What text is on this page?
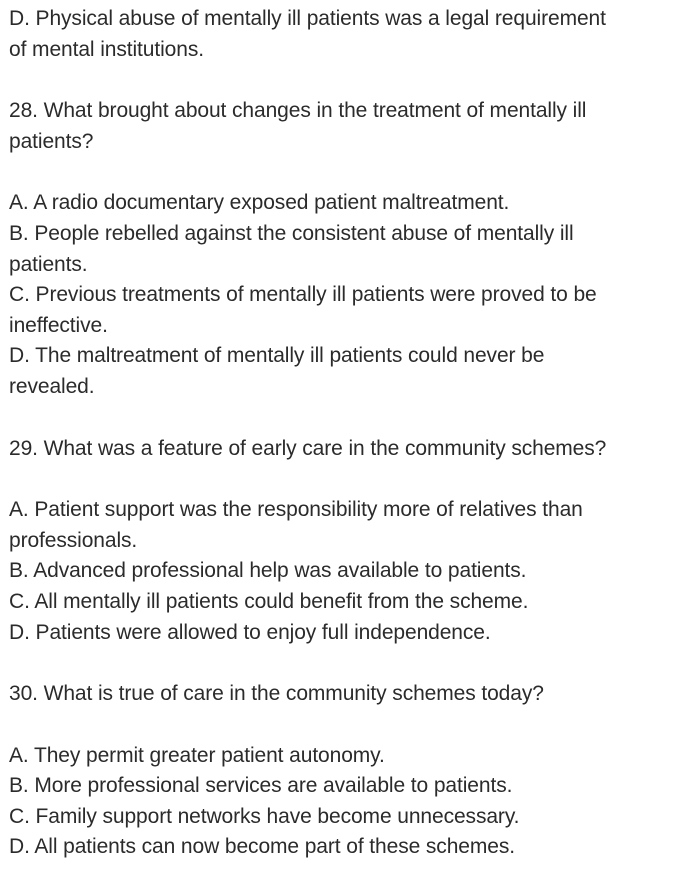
D. Physical abuse of mentally ill patients was a legal requirement
of mental institutions.
28. What brought about changes in the treatment of mentally ill
patients?
A. A radio documentary exposed patient maltreatment.
B. People rebelled against the consistent abuse of mentally ill
patients.
C. Previous treatments of mentally ill patients were proved to be
ineffective.
D. The maltreatment of mentally ill patients could never be
revealed.
29. What was a feature of early care in the community schemes?
A. Patient support was the responsibility more of relatives than
professionals.
B. Advanced professional help was available to patients.
C. All mentally ill patients could benefit from the scheme.
D. Patients were allowed to enjoy full independence.
30. What is true of care in the community schemes today?
A. They permit greater patient autonomy.
B. More professional services are available to patients.
C. Family support networks have become unnecessary.
D. All patients can now become part of these schemes.
